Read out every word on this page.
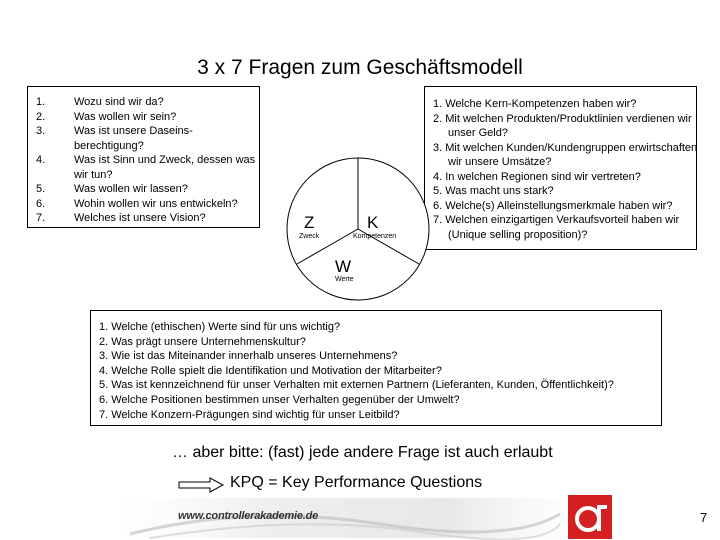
3 x 7 Fragen zum Geschäftsmodell
1.	Wozu sind wir da?
2.	Was wollen wir sein?
3.	Was ist unsere Daseins-berechtigung?
4.	Was ist Sinn und Zweck, dessen was wir tun?
5.	Was wollen wir lassen?
6.	Wohin wollen wir uns entwickeln?
7.	Welches ist unsere Vision?
1. Welche Kern-Kompetenzen haben wir?
2. Mit welchen Produkten/Produktlinien verdienen wir unser Geld?
3. Mit welchen Kunden/Kundengruppen erwirtschaften wir unsere Umsätze?
4. In welchen Regionen sind wir vertreten?
5. Was macht uns stark?
6. Welche(s) Alleinstellungsmerkmale haben wir?
7. Welchen einzigartigen Verkaufsvorteil haben wir (Unique selling proposition)?
Z
Zweck
K
Kompetenzen
W
Werte
1. Welche (ethischen) Werte sind für uns wichtig?
2. Was prägt unsere Unternehmenskultur?
3. Wie ist das Miteinander innerhalb unseres Unternehmens?
4. Welche Rolle spielt die Identifikation und Motivation der Mitarbeiter?
5. Was ist kennzeichnend für unser Verhalten mit externen Partnern (Lieferanten, Kunden, Öffentlichkeit)?
6. Welche Positionen bestimmen unser Verhalten gegenüber der Umwelt?
7. Welche Konzern-Prägungen sind wichtig für unser Leitbild?
… aber bitte: (fast) jede andere Frage ist auch erlaubt
KPQ = Key Performance Questions
www.controllerakademie.de	7
